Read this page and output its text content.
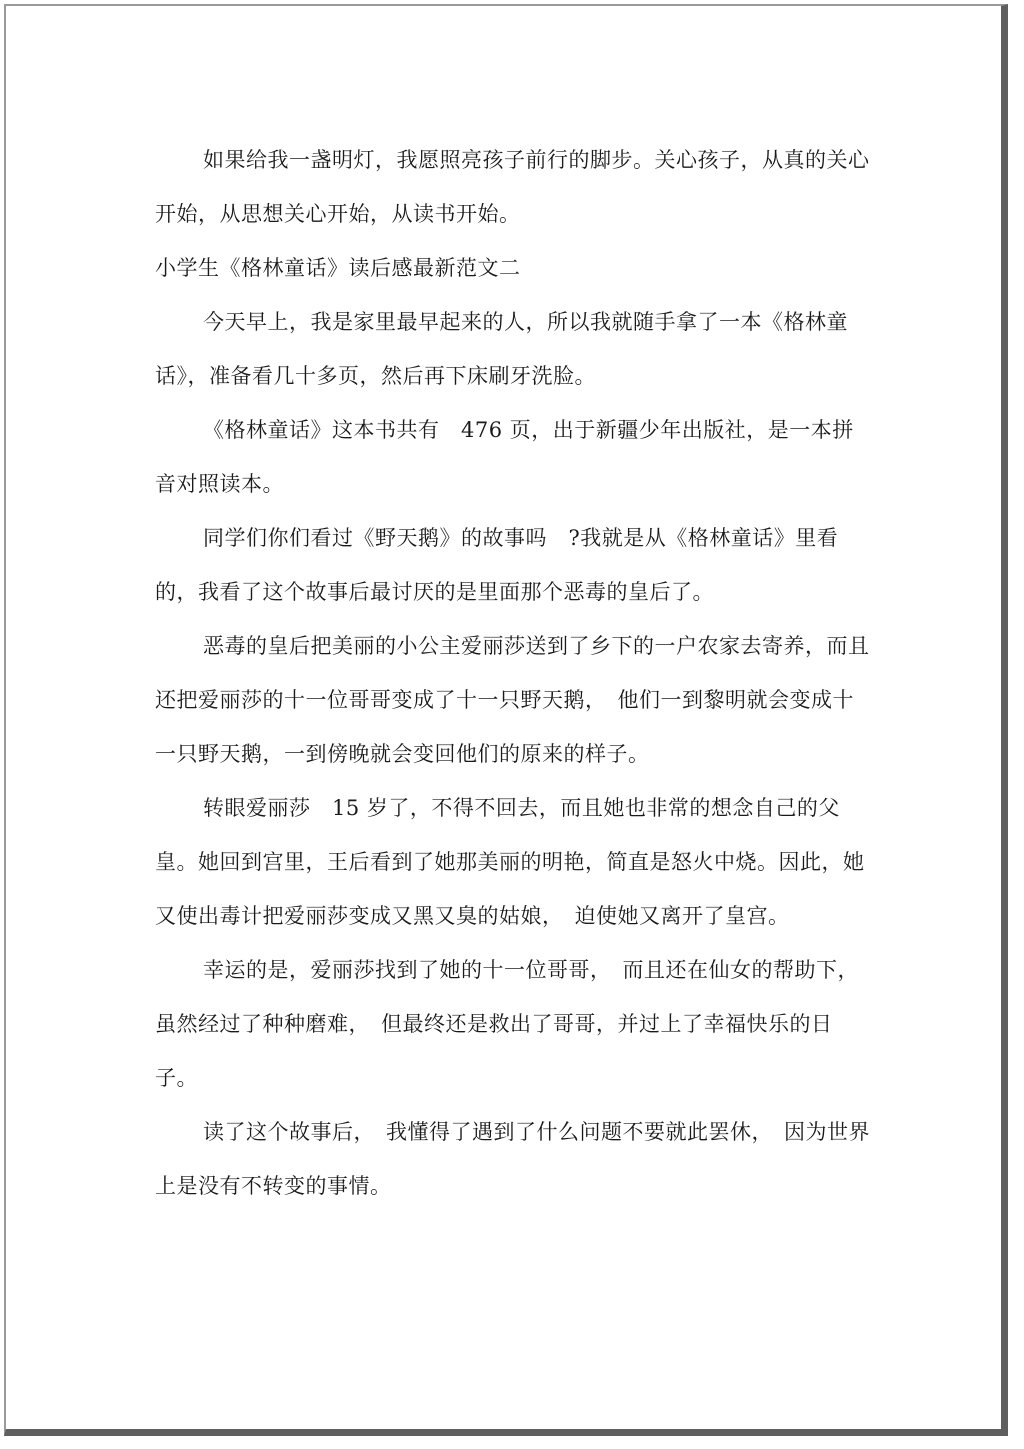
如果给我一盏明灯，我愿照亮孩子前行的脚步。关心孩子，从真的关心开始，从思想关心开始，从读书开始。

小学生《格林童话》读后感最新范文二

今天早上，我是家里最早起来的人，所以我就随手拿了一本《格林童话》，准备看几十多页，然后再下床刷牙洗脸。

《格林童话》这本书共有　476 页，出于新疆少年出版社，是一本拼音对照读本。

同学们你们看过《野天鹅》的故事吗　?我就是从《格林童话》里看的，我看了这个故事后最讨厌的是里面那个恶毒的皇后了。

恶毒的皇后把美丽的小公主爱丽莎送到了乡下的一户农家去寄养，而且还把爱丽莎的十一位哥哥变成了十一只野天鹅，　他们一到黎明就会变成十一只野天鹅，一到傍晚就会变回他们的原来的样子。

转眼爱丽莎　15 岁了，不得不回去，而且她也非常的想念自己的父皇。她回到宫里，王后看到了她那美丽的明艳，简直是怒火中烧。因此，她又使出毒计把爱丽莎变成又黑又臭的姑娘，　迫使她又离开了皇宫。

幸运的是，爱丽莎找到了她的十一位哥哥，　而且还在仙女的帮助下，虽然经过了种种磨难，　但最终还是救出了哥哥，并过上了幸福快乐的日子。

读了这个故事后，　我懂得了遇到了什么问题不要就此罢休，　因为世界上是没有不转变的事情。
